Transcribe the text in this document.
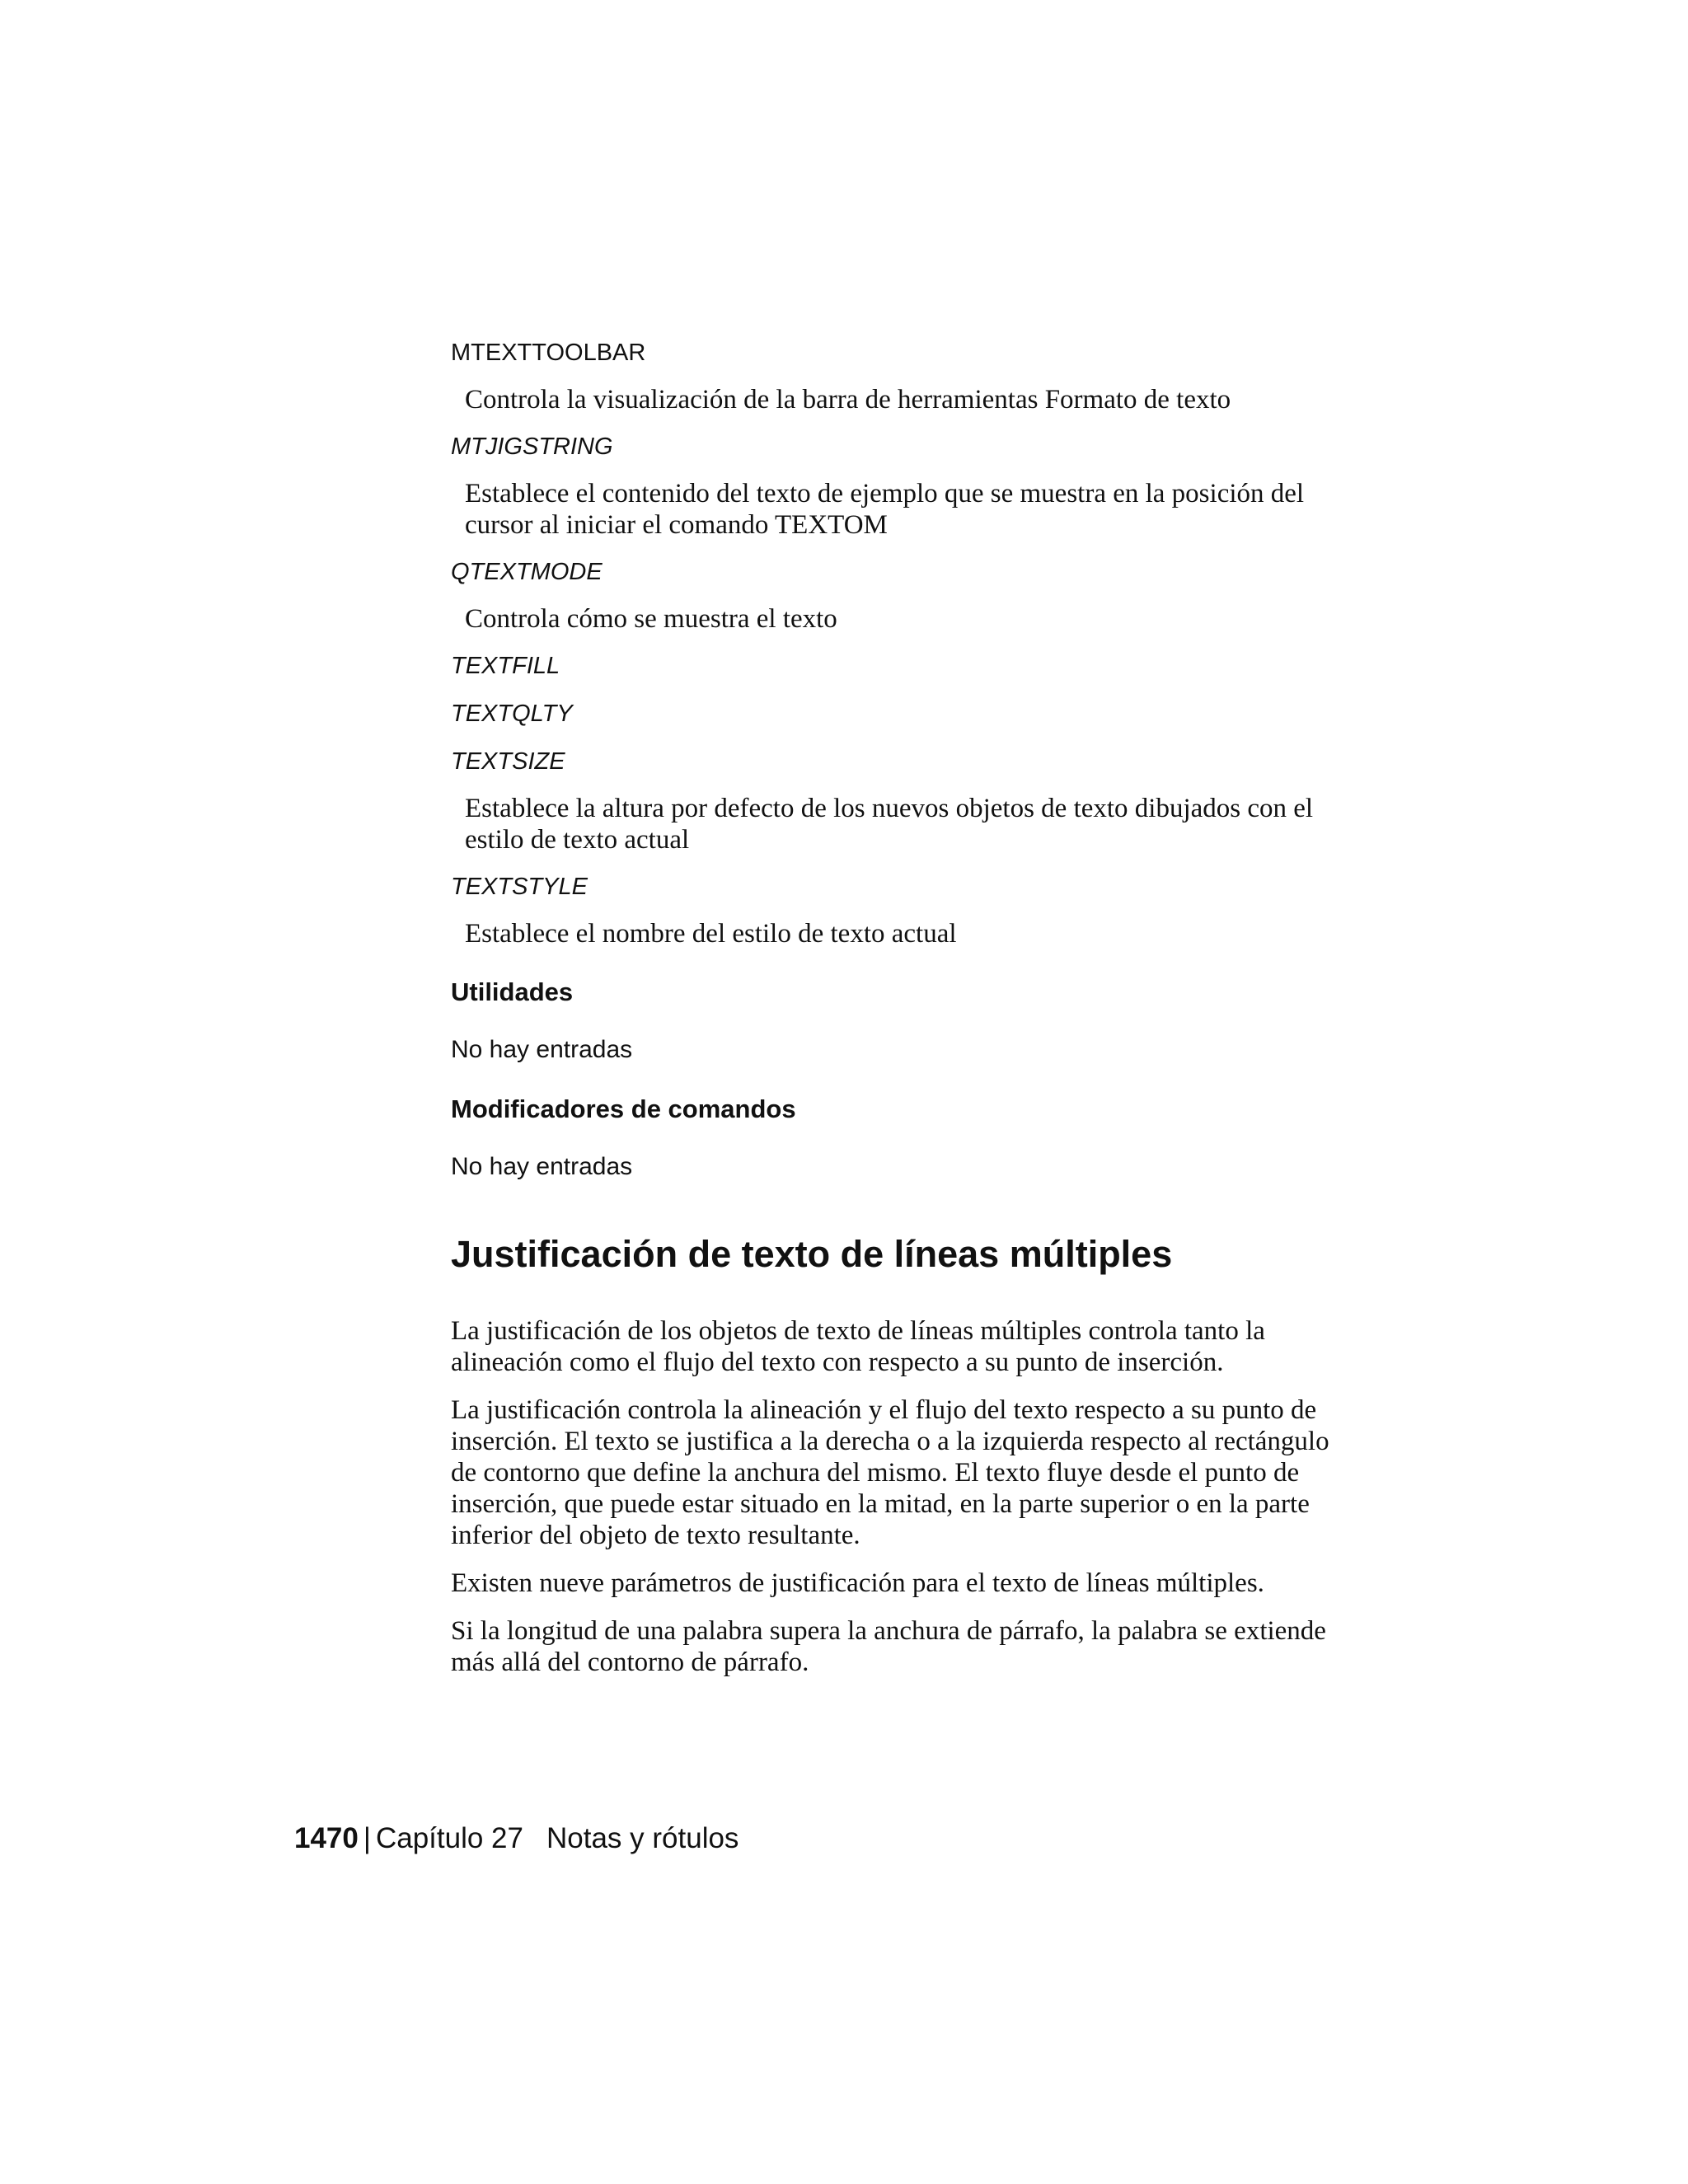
MTEXTTOOLBAR
Controla la visualización de la barra de herramientas Formato de texto
MTJIGSTRING
Establece el contenido del texto de ejemplo que se muestra en la posición del cursor al iniciar el comando TEXTOM
QTEXTMODE
Controla cómo se muestra el texto
TEXTFILL
TEXTQLTY
TEXTSIZE
Establece la altura por defecto de los nuevos objetos de texto dibujados con el estilo de texto actual
TEXTSTYLE
Establece el nombre del estilo de texto actual
Utilidades
No hay entradas
Modificadores de comandos
No hay entradas
Justificación de texto de líneas múltiples

La justificación de los objetos de texto de líneas múltiples controla tanto la alineación como el flujo del texto con respecto a su punto de inserción.

La justificación controla la alineación y el flujo del texto respecto a su punto de inserción. El texto se justifica a la derecha o a la izquierda respecto al rectángulo de contorno que define la anchura del mismo. El texto fluye desde el punto de inserción, que puede estar situado en la mitad, en la parte superior o en la parte inferior del objeto de texto resultante.

Existen nueve parámetros de justificación para el texto de líneas múltiples.

Si la longitud de una palabra supera la anchura de párrafo, la palabra se extiende más allá del contorno de párrafo.

1470 | Capítulo 27 Notas y rótulos
